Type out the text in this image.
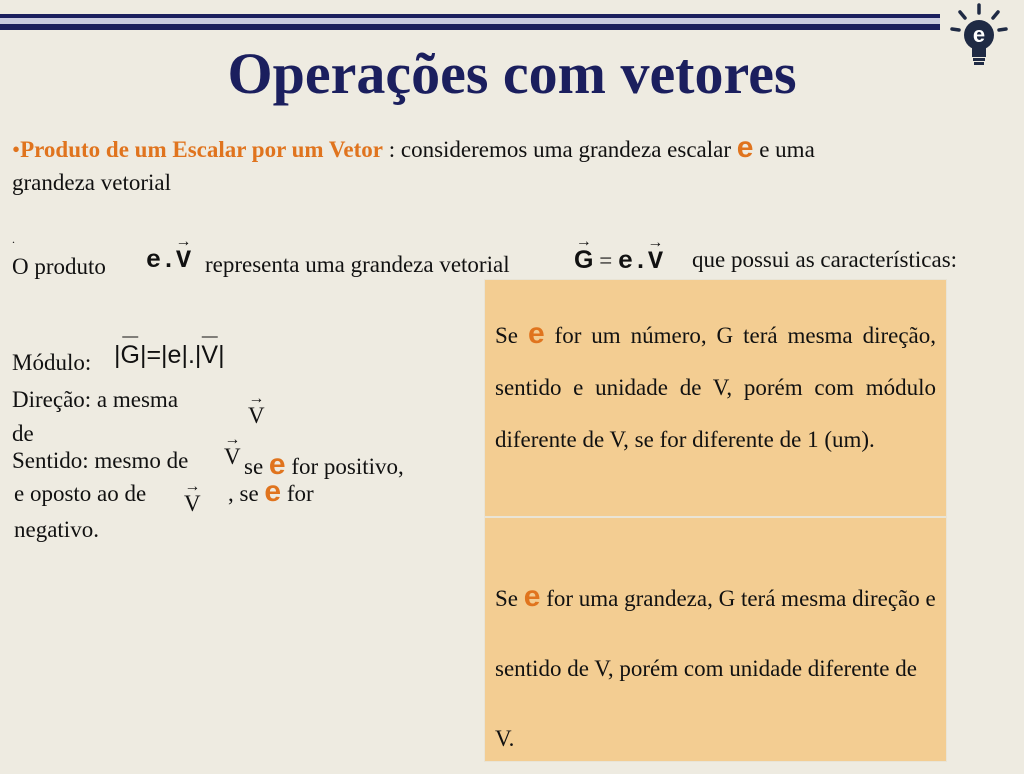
e
Operações com vetores
•Produto de um Escalar por um Vetor : consideremos uma grandeza escalar e e uma
grandeza vetorial
.
O produto e.
→
V representa uma grandeza vetorial
→
G = e.
→
V que possui as características:
Módulo: |
—
G|=|e|.|
—
V|
Direção: a mesma
de
→
V
Sentido: mesmo de
→
V se e for positivo,
e oposto ao de →
V , se e for
negativo.
Se e for um número, G terá mesma direção, sentido e unidade de V, porém com módulo diferente de V, se for diferente de 1 (um).
Se e for uma grandeza, G terá mesma direção e sentido de V, porém com unidade diferente de V.
